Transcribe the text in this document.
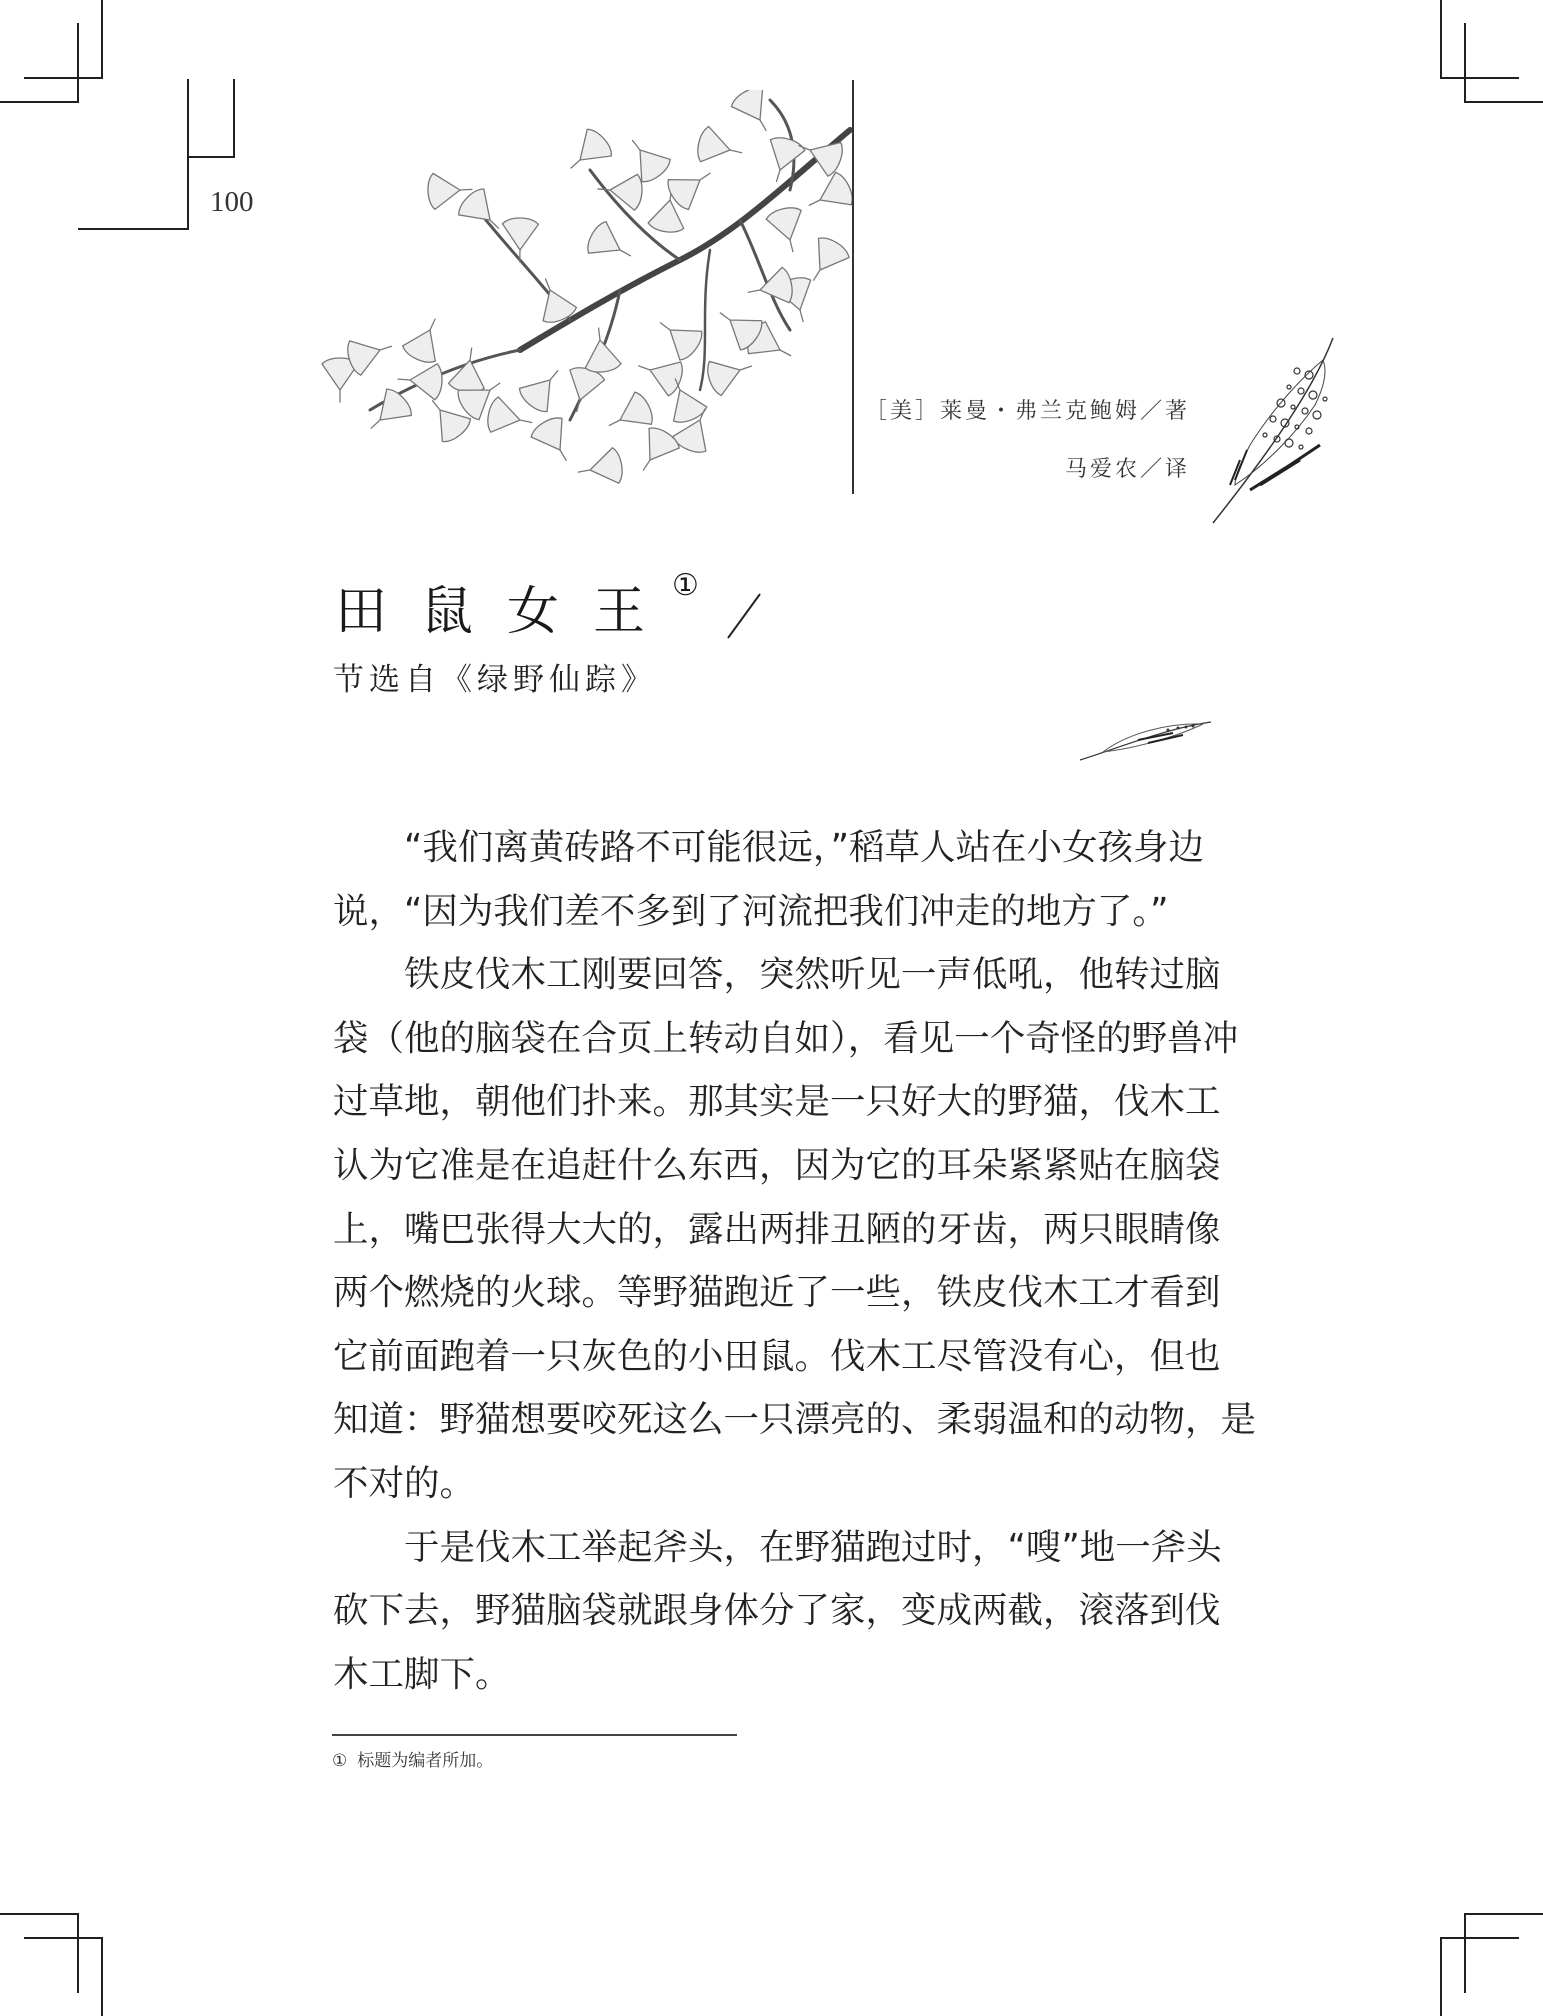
100
［美］莱曼・弗兰克鲍姆／著
马爱农／译
田鼠女王
①
节选自《绿野仙踪》
“我们离黄砖路不可能很远，”稻草人站在小女孩身边
说，“因为我们差不多到了河流把我们冲走的地方了。”
铁皮伐木工刚要回答，突然听见一声低吼，他转过脑
袋（他的脑袋在合页上转动自如），看见一个奇怪的野兽冲
过草地，朝他们扑来。那其实是一只好大的野猫，伐木工
认为它准是在追赶什么东西，因为它的耳朵紧紧贴在脑袋
上，嘴巴张得大大的，露出两排丑陋的牙齿，两只眼睛像
两个燃烧的火球。等野猫跑近了一些，铁皮伐木工才看到
它前面跑着一只灰色的小田鼠。伐木工尽管没有心，但也
知道：野猫想要咬死这么一只漂亮的、柔弱温和的动物，是
不对的。
于是伐木工举起斧头，在野猫跑过时，“嗖”地一斧头
砍下去，野猫脑袋就跟身体分了家，变成两截，滚落到伐
木工脚下。
① 标题为编者所加。
